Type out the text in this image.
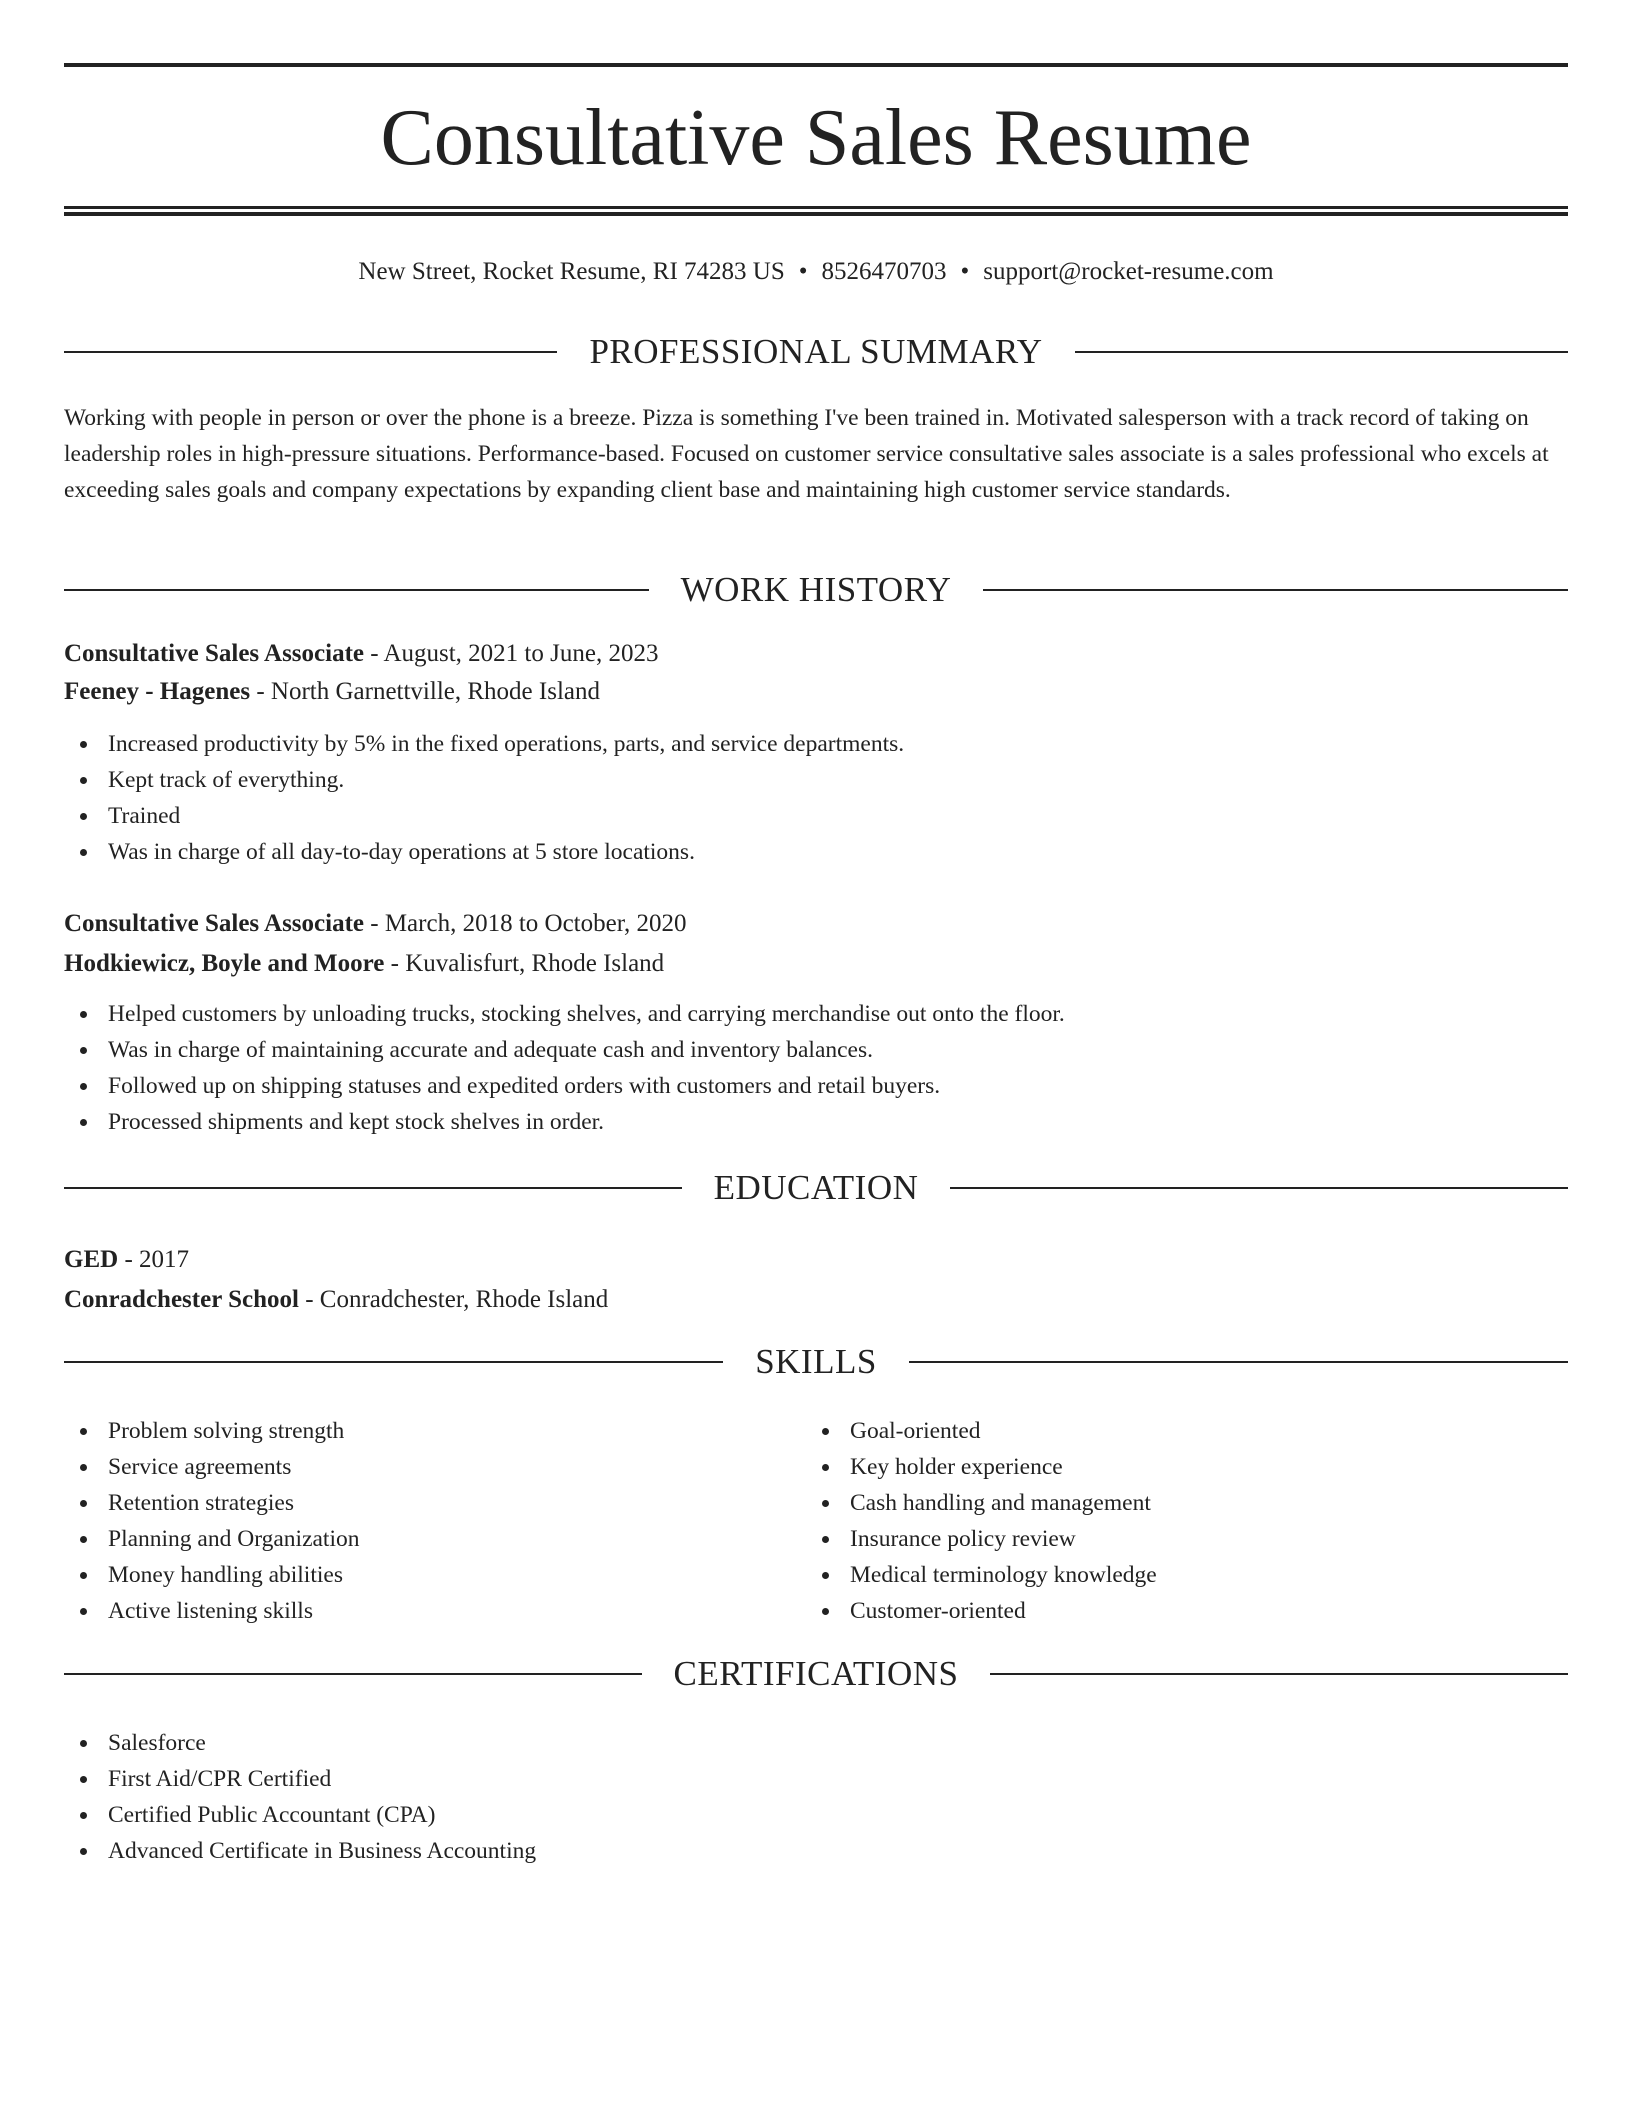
Consultative Sales Resume
New Street, Rocket Resume, RI 74283 US • 8526470703 • support@rocket-resume.com
PROFESSIONAL SUMMARY

Working with people in person or over the phone is a breeze. Pizza is something I've been trained in. Motivated salesperson with a track record of taking on leadership roles in high-pressure situations. Performance-based. Focused on customer service consultative sales associate is a sales professional who excels at exceeding sales goals and company expectations by expanding client base and maintaining high customer service standards.

WORK HISTORY
Consultative Sales Associate - August, 2021 to June, 2023
Feeney - Hagenes - North Garnettville, Rhode Island
Increased productivity by 5% in the fixed operations, parts, and service departments.
Kept track of everything.
Trained
Was in charge of all day-to-day operations at 5 store locations.
Consultative Sales Associate - March, 2018 to October, 2020
Hodkiewicz, Boyle and Moore - Kuvalisfurt, Rhode Island
Helped customers by unloading trucks, stocking shelves, and carrying merchandise out onto the floor.
Was in charge of maintaining accurate and adequate cash and inventory balances.
Followed up on shipping statuses and expedited orders with customers and retail buyers.
Processed shipments and kept stock shelves in order.
EDUCATION
GED - 2017
Conradchester School - Conradchester, Rhode Island
SKILLS
Problem solving strength
Service agreements
Retention strategies
Planning and Organization
Money handling abilities
Active listening skills
Goal-oriented
Key holder experience
Cash handling and management
Insurance policy review
Medical terminology knowledge
Customer-oriented
CERTIFICATIONS
Salesforce
First Aid/CPR Certified
Certified Public Accountant (CPA)
Advanced Certificate in Business Accounting
